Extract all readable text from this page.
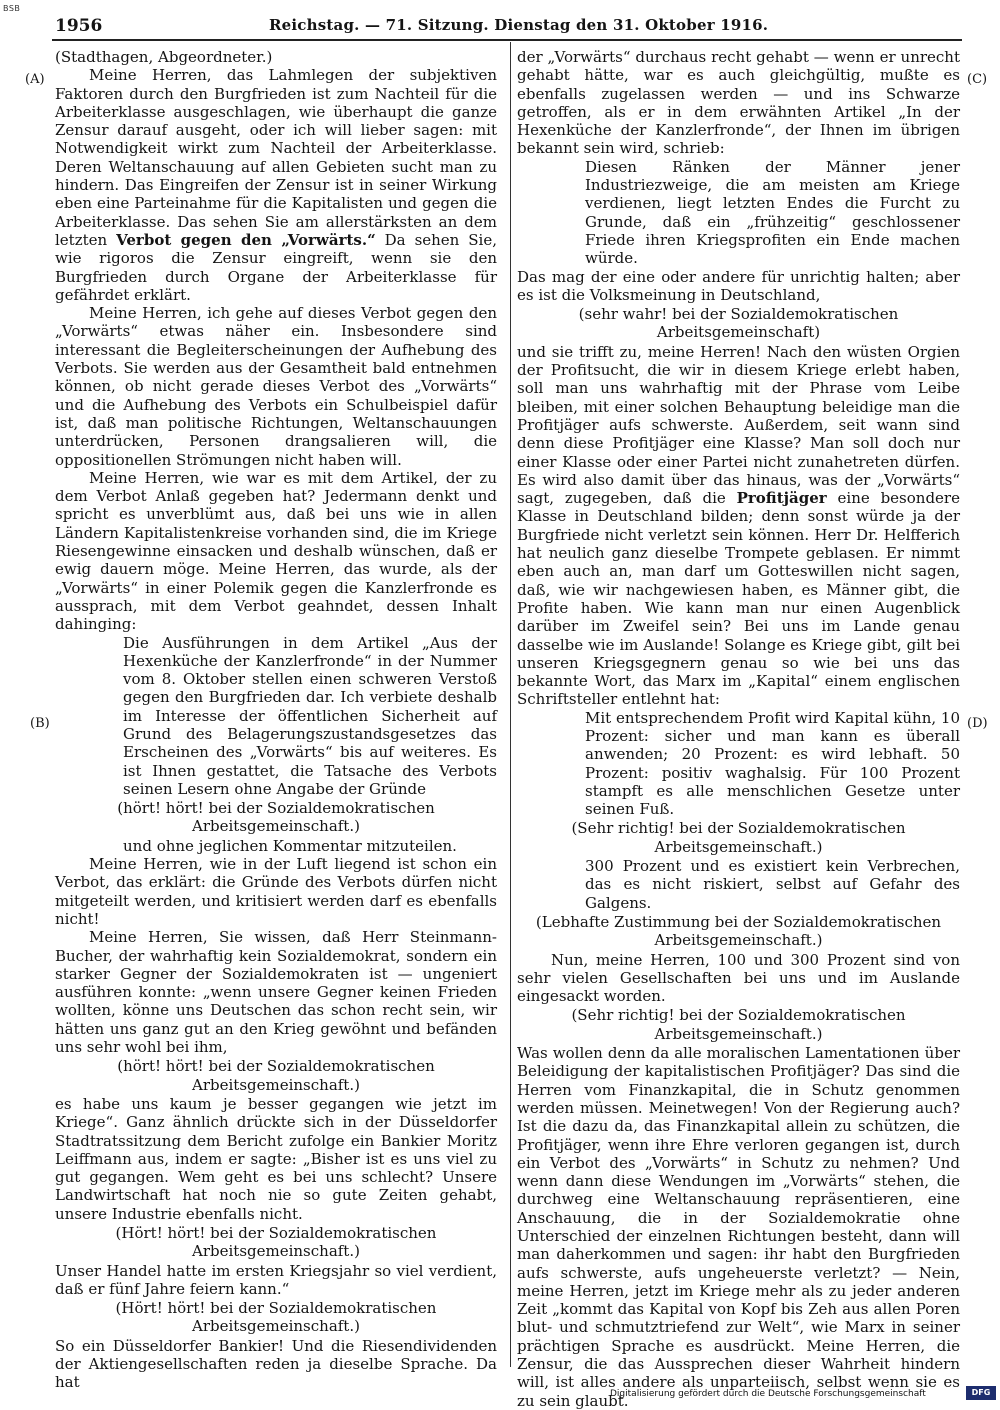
BSB
1956	Reichstag. — 71. Sitzung. Dienstag den 31. Oktober 1916.
(A)
(B)
(C)
(D)

(Stadthagen, Abgeordneter.)

Meine Herren, das Lahmlegen der subjektiven Faktoren durch den Burgfrieden ist zum Nachteil für die Arbeiterklasse ausgeschlagen, wie überhaupt die ganze Zensur darauf ausgeht, oder ich will lieber sagen: mit Notwendigkeit wirkt zum Nachteil der Arbeiterklasse. Deren Weltanschauung auf allen Gebieten sucht man zu hindern. Das Eingreifen der Zensur ist in seiner Wirkung eben eine Parteinahme für die Kapitalisten und gegen die Arbeiterklasse. Das sehen Sie am allerstärksten an dem letzten Verbot gegen den „Vorwärts.“ Da sehen Sie, wie rigoros die Zensur eingreift, wenn sie den Burgfrieden durch Organe der Arbeiterklasse für gefährdet erklärt.

Meine Herren, ich gehe auf dieses Verbot gegen den „Vorwärts“ etwas näher ein. Insbesondere sind interessant die Begleiterscheinungen der Aufhebung des Verbots. Sie werden aus der Gesamtheit bald entnehmen können, ob nicht gerade dieses Verbot des „Vorwärts“ und die Aufhebung des Verbots ein Schulbeispiel dafür ist, daß man politische Richtungen, Weltanschauungen unterdrücken, Personen drangsalieren will, die oppositionellen Strömungen nicht haben will.

Meine Herren, wie war es mit dem Artikel, der zu dem Verbot Anlaß gegeben hat? Jedermann denkt und spricht es unverblümt aus, daß bei uns wie in allen Ländern Kapitalistenkreise vorhanden sind, die im Kriege Riesengewinne einsacken und deshalb wünschen, daß er ewig dauern möge. Meine Herren, das wurde, als der „Vorwärts“ in einer Polemik gegen die Kanzlerfronde es aussprach, mit dem Verbot geahndet, dessen Inhalt dahinging:

Die Ausführungen in dem Artikel „Aus der Hexenküche der Kanzlerfronde“ in der Nummer vom 8. Oktober stellen einen schweren Verstoß gegen den Burgfrieden dar. Ich verbiete deshalb im Interesse der öffentlichen Sicherheit auf Grund des Belagerungszustandsgesetzes das Erscheinen des „Vorwärts“ bis auf weiteres. Es ist Ihnen gestattet, die Tatsache des Verbots seinen Lesern ohne Angabe der Gründe

(hört! hört! bei der Sozialdemokratischen Arbeitsgemeinschaft.)

und ohne jeglichen Kommentar mitzuteilen.

Meine Herren, wie in der Luft liegend ist schon ein Verbot, das erklärt: die Gründe des Verbots dürfen nicht mitgeteilt werden, und kritisiert werden darf es ebenfalls nicht!

Meine Herren, Sie wissen, daß Herr Steinmann-Bucher, der wahrhaftig kein Sozialdemokrat, sondern ein starker Gegner der Sozialdemokraten ist — ungeniert ausführen konnte: „wenn unsere Gegner keinen Frieden wollten, könne uns Deutschen das schon recht sein, wir hätten uns ganz gut an den Krieg gewöhnt und befänden uns sehr wohl bei ihm,

(hört! hört! bei der Sozialdemokratischen Arbeitsgemeinschaft.)

es habe uns kaum je besser gegangen wie jetzt im Kriege“. Ganz ähnlich drückte sich in der Düsseldorfer Stadtratssitzung dem Bericht zufolge ein Bankier Moritz Leiffmann aus, indem er sagte: „Bisher ist es uns viel zu gut gegangen. Wem geht es bei uns schlecht? Unsere Landwirtschaft hat noch nie so gute Zeiten gehabt, unsere Industrie ebenfalls nicht.

(Hört! hört! bei der Sozialdemokratischen Arbeitsgemeinschaft.)

Unser Handel hatte im ersten Kriegsjahr so viel verdient, daß er fünf Jahre feiern kann.“

(Hört! hört! bei der Sozialdemokratischen Arbeitsgemeinschaft.)

So ein Düsseldorfer Bankier! Und die Riesendividenden der Aktiengesellschaften reden ja dieselbe Sprache. Da hat

der „Vorwärts“ durchaus recht gehabt — wenn er unrecht gehabt hätte, war es auch gleichgültig, mußte es ebenfalls zugelassen werden — und ins Schwarze getroffen, als er in dem erwähnten Artikel „In der Hexenküche der Kanzlerfronde“, der Ihnen im übrigen bekannt sein wird, schrieb:

Diesen Ränken der Männer jener Industriezweige, die am meisten am Kriege verdienen, liegt letzten Endes die Furcht zu Grunde, daß ein „frühzeitig“ geschlossener Friede ihren Kriegsprofiten ein Ende machen würde.

Das mag der eine oder andere für unrichtig halten; aber es ist die Volksmeinung in Deutschland,

(sehr wahr! bei der Sozialdemokratischen Arbeitsgemeinschaft)

und sie trifft zu, meine Herren! Nach den wüsten Orgien der Profitsucht, die wir in diesem Kriege erlebt haben, soll man uns wahrhaftig mit der Phrase vom Leibe bleiben, mit einer solchen Behauptung beleidige man die Profitjäger aufs schwerste. Außerdem, seit wann sind denn diese Profitjäger eine Klasse? Man soll doch nur einer Klasse oder einer Partei nicht zunahetreten dürfen. Es wird also damit über das hinaus, was der „Vorwärts“ sagt, zugegeben, daß die Profitjäger eine besondere Klasse in Deutschland bilden; denn sonst würde ja der Burgfriede nicht verletzt sein können. Herr Dr. Helfferich hat neulich ganz dieselbe Trompete geblasen. Er nimmt eben auch an, man darf um Gotteswillen nicht sagen, daß, wie wir nachgewiesen haben, es Männer gibt, die Profite haben. Wie kann man nur einen Augenblick darüber im Zweifel sein? Bei uns im Lande genau dasselbe wie im Auslande! Solange es Kriege gibt, gilt bei unseren Kriegsgegnern genau so wie bei uns das bekannte Wort, das Marx im „Kapital“ einem englischen Schriftsteller entlehnt hat:

Mit entsprechendem Profit wird Kapital kühn, 10 Prozent: sicher und man kann es überall anwenden; 20 Prozent: es wird lebhaft. 50 Prozent: positiv waghalsig. Für 100 Prozent stampft es alle menschlichen Gesetze unter seinen Fuß.

(Sehr richtig! bei der Sozialdemokratischen Arbeitsgemeinschaft.)

300 Prozent und es existiert kein Verbrechen, das es nicht riskiert, selbst auf Gefahr des Galgens.

(Lebhafte Zustimmung bei der Sozialdemokratischen Arbeitsgemeinschaft.)

Nun, meine Herren, 100 und 300 Prozent sind von sehr vielen Gesellschaften bei uns und im Auslande eingesackt worden.

(Sehr richtig! bei der Sozialdemokratischen Arbeitsgemeinschaft.)

Was wollen denn da alle moralischen Lamentationen über Beleidigung der kapitalistischen Profitjäger? Das sind die Herren vom Finanzkapital, die in Schutz genommen werden müssen. Meinetwegen! Von der Regierung auch? Ist die dazu da, das Finanzkapital allein zu schützen, die Profitjäger, wenn ihre Ehre verloren gegangen ist, durch ein Verbot des „Vorwärts“ in Schutz zu nehmen? Und wenn dann diese Wendungen im „Vorwärts“ stehen, die durchweg eine Weltanschauung repräsentieren, eine Anschauung, die in der Sozialdemokratie ohne Unterschied der einzelnen Richtungen besteht, dann will man daherkommen und sagen: ihr habt den Burgfrieden aufs schwerste, aufs ungeheuerste verletzt? — Nein, meine Herren, jetzt im Kriege mehr als zu jeder anderen Zeit „kommt das Kapital von Kopf bis Zeh aus allen Poren blut- und schmutztriefend zur Welt“, wie Marx in seiner prächtigen Sprache es ausdrückt. Meine Herren, die Zensur, die das Aussprechen dieser Wahrheit hindern will, ist alles andere als unparteiisch, selbst wenn sie es zu sein glaubt.

Digitalisierung gefördert durch die Deutsche Forschungsgemeinschaft	DFG
